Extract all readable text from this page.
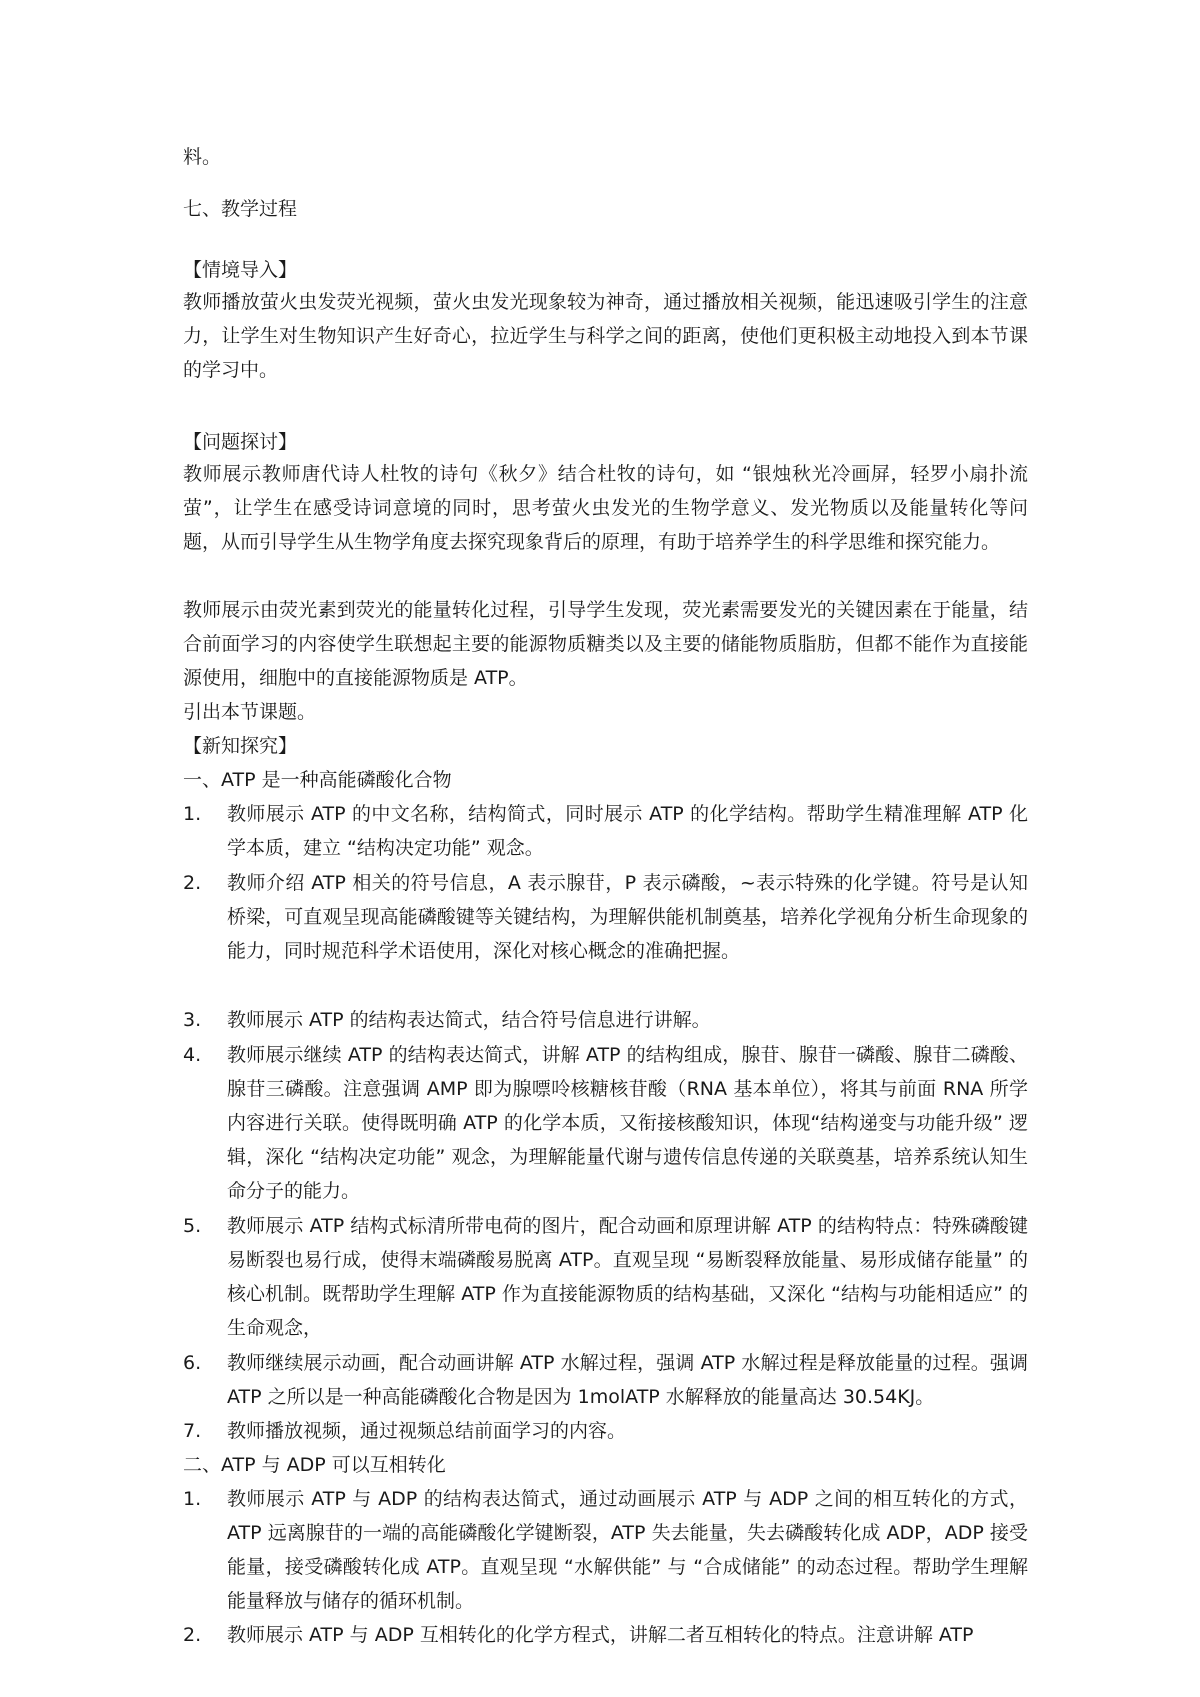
料。

七、教学过程

【情境导入】

教师播放萤火虫发荧光视频，萤火虫发光现象较为神奇，通过播放相关视频，能迅速吸引学生的注意力，让学生对生物知识产生好奇心，拉近学生与科学之间的距离，使他们更积极主动地投入到本节课的学习中。

【问题探讨】

教师展示教师唐代诗人杜牧的诗句《秋夕》结合杜牧的诗句，如 “银烛秋光冷画屏，轻罗小扇扑流萤”，让学生在感受诗词意境的同时，思考萤火虫发光的生物学意义、发光物质以及能量转化等问题，从而引导学生从生物学角度去探究现象背后的原理，有助于培养学生的科学思维和探究能力。

教师展示由荧光素到荧光的能量转化过程，引导学生发现，荧光素需要发光的关键因素在于能量，结合前面学习的内容使学生联想起主要的能源物质糖类以及主要的储能物质脂肪，但都不能作为直接能源使用，细胞中的直接能源物质是 ATP。

引出本节课题。

【新知探究】

一、ATP 是一种高能磷酸化合物

1.	教师展示 ATP 的中文名称，结构简式，同时展示 ATP 的化学结构。帮助学生精准理解 ATP 化学本质，建立 “结构决定功能” 观念。
2.	教师介绍 ATP 相关的符号信息，A 表示腺苷，P 表示磷酸，~表示特殊的化学键。符号是认知桥梁，可直观呈现高能磷酸键等关键结构，为理解供能机制奠基，培养化学视角分析生命现象的能力，同时规范科学术语使用，深化对核心概念的准确把握。
3.	教师展示 ATP 的结构表达简式，结合符号信息进行讲解。
4.	教师展示继续 ATP 的结构表达简式，讲解 ATP 的结构组成，腺苷、腺苷一磷酸、腺苷二磷酸、腺苷三磷酸。注意强调 AMP 即为腺嘌呤核糖核苷酸（RNA 基本单位），将其与前面 RNA 所学内容进行关联。使得既明确 ATP 的化学本质，又衔接核酸知识，体现“结构递变与功能升级” 逻辑，深化 “结构决定功能” 观念，为理解能量代谢与遗传信息传递的关联奠基，培养系统认知生命分子的能力。
5.	教师展示 ATP 结构式标清所带电荷的图片，配合动画和原理讲解 ATP 的结构特点：特殊磷酸键易断裂也易行成，使得末端磷酸易脱离 ATP。直观呈现 “易断裂释放能量、易形成储存能量” 的核心机制。既帮助学生理解 ATP 作为直接能源物质的结构基础，又深化 “结构与功能相适应” 的生命观念，
6.	教师继续展示动画，配合动画讲解 ATP 水解过程，强调 ATP 水解过程是释放能量的过程。强调 ATP 之所以是一种高能磷酸化合物是因为 1molATP 水解释放的能量高达 30.54KJ。
7.	教师播放视频，通过视频总结前面学习的内容。

二、ATP 与 ADP 可以互相转化

1.	教师展示 ATP 与 ADP 的结构表达简式，通过动画展示 ATP 与 ADP 之间的相互转化的方式，ATP 远离腺苷的一端的高能磷酸化学键断裂，ATP 失去能量，失去磷酸转化成 ADP，ADP 接受能量，接受磷酸转化成 ATP。直观呈现 “水解供能” 与 “合成储能” 的动态过程。帮助学生理解能量释放与储存的循环机制。
2.	教师展示 ATP 与 ADP 互相转化的化学方程式，讲解二者互相转化的特点。注意讲解 ATP
